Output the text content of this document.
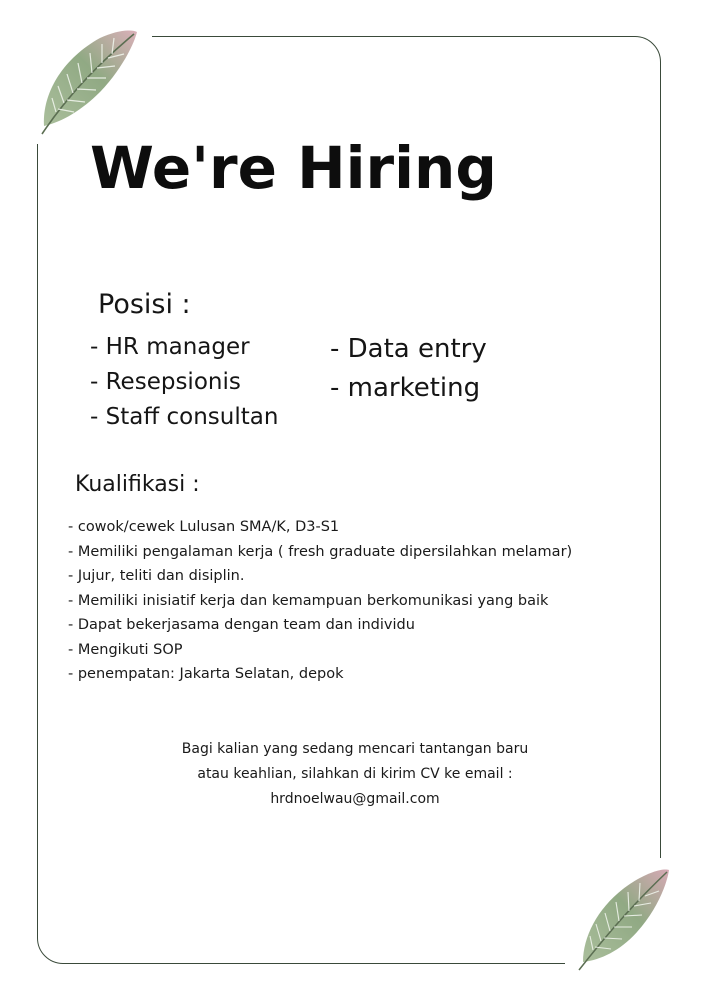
We're Hiring
Posisi :
- HR manager
- Resepsionis
- Staff consultan
- Data entry
- marketing
Kualifikasi :
- cowok/cewek Lulusan SMA/K, D3-S1
- Memiliki pengalaman kerja ( fresh graduate dipersilahkan melamar)
- Jujur, teliti dan disiplin.
- Memiliki inisiatif kerja dan kemampuan berkomunikasi yang baik
- Dapat bekerjasama dengan team dan individu
- Mengikuti SOP
- penempatan: Jakarta Selatan, depok
Bagi kalian yang sedang mencari tantangan baru
atau keahlian, silahkan di kirim CV ke email :
hrdnoelwau@gmail.com
